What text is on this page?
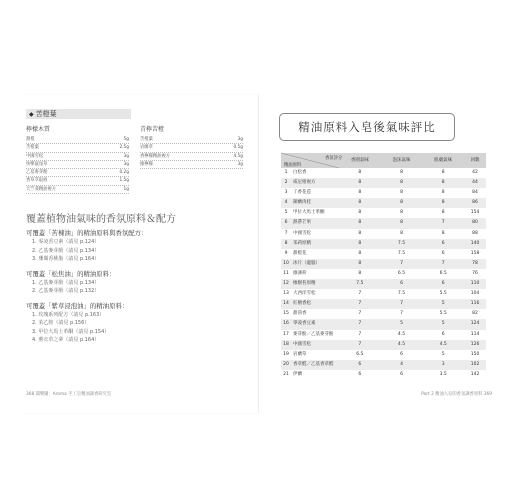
◆ 苦橙葉
檸檬木質
甜橙	5g
苦橙葉	2.5g
中國雪松	3g
快樂鼠尾草	3g
乙基麥芽酚	0.2g
香草萃取液	1.5g
天竺葵精油複方	1g
青檸苦橙
苦橙葉	3g
岩蘭草	0.5g
香檸檬精油複方	4.5g
綠檸檬	3g
覆蓋植物油氣味的香氛原料＆配方
可覆蓋「苦楝油」的精油原料與香氛配方：
1. 零凌香豆素（請見 p.124）
2. 乙基麥芽酚（請見 p.134）
3. 珊瑚香桃脂（請見 p.164）
可覆蓋「松焦油」的精油原料：
1. 乙基麥芽酚（請見 p.134）
2. 乙基麥芽酚（請見 p.132）
可覆蓋「紫草浸泡油」的精油原料：
1. 玫瑰系列配方（請見 p.163）
2. 茉乙胺（請見 p.156）
3. 甲位大馬士革酮（請見 p.154）
4. 薰衣草之夢（請見 p.164）
368 聞樂團：Aroma 手工皂精油調香研究室
精油原料入皂後氣味評比
香氛評分
精油原料
香園氣味	泡沫氣味	肌膚氣味	回數
1	白松香	8	8	8	42
2	威尼柑複方	8	8	8	44
3	丁香花苞	8	8	8	84
4	銅蘭肉桂	8	8	8	86
5	甲位大馬士革酮	8	8	8	154
6	熱帶芒果	8	8	7	80
7	中國雪松	8	8	8	88
8	茉莉原精	8	7.5	6	140
9	甜橙花	8	7.5	6	158
10 冰片（龍腦）	8	7	7	78
11 綠薄荷	8	6.5	6.5	76
12 橡樹苔原精	7.5	6	6	110
13 大西洋雪松	7	7.5	5.5	104
14 紅檀香松	7	7	5	116
15 甜茴香	7	7	5.5	82
16 零凌香豆素	7	5	5	124
17 麥芽酚／乙基麥芽酚	7	4.5	6	114
18 中國雪松	7	4.5	4.5	126
19 岩蘭草	6.5	6	5	150
20 香草醛／乙基香草醛	6	4	3	102
21 伊蘭	6	6	3.5	142
Part 2 精油入皂的香氛調香原料 369
